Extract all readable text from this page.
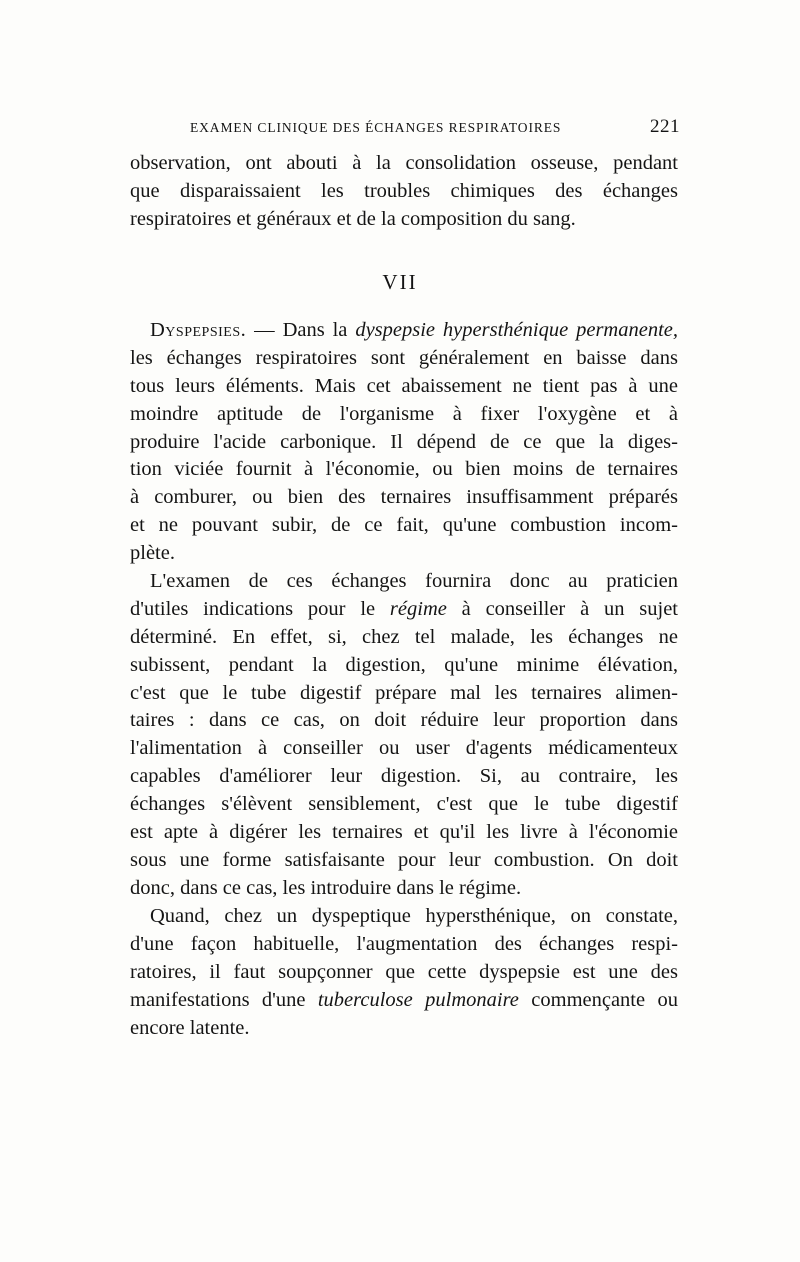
EXAMEN CLINIQUE DES ÉCHANGES RESPIRATOIRES	221
observation, ont abouti à la consolidation osseuse, pendant
que disparaissaient les troubles chimiques des échanges
respiratoires et généraux et de la composition du sang.
VII
Dyspepsies. — Dans la dyspepsie hypersthénique permanente,
les échanges respiratoires sont généralement en baisse dans
tous leurs éléments. Mais cet abaissement ne tient pas à une
moindre aptitude de l'organisme à fixer l'oxygène et à
produire l'acide carbonique. Il dépend de ce que la diges-
tion viciée fournit à l'économie, ou bien moins de ternaires
à comburer, ou bien des ternaires insuffisamment préparés
et ne pouvant subir, de ce fait, qu'une combustion incom-
plète.
L'examen de ces échanges fournira donc au praticien
d'utiles indications pour le régime à conseiller à un sujet
déterminé. En effet, si, chez tel malade, les échanges ne
subissent, pendant la digestion, qu'une minime élévation,
c'est que le tube digestif prépare mal les ternaires alimen-
taires : dans ce cas, on doit réduire leur proportion dans
l'alimentation à conseiller ou user d'agents médicamenteux
capables d'améliorer leur digestion. Si, au contraire, les
échanges s'élèvent sensiblement, c'est que le tube digestif
est apte à digérer les ternaires et qu'il les livre à l'économie
sous une forme satisfaisante pour leur combustion. On doit
donc, dans ce cas, les introduire dans le régime.
Quand, chez un dyspeptique hypersthénique, on constate,
d'une façon habituelle, l'augmentation des échanges respi-
ratoires, il faut soupçonner que cette dyspepsie est une des
manifestations d'une tuberculose pulmonaire commençante ou
encore latente.
